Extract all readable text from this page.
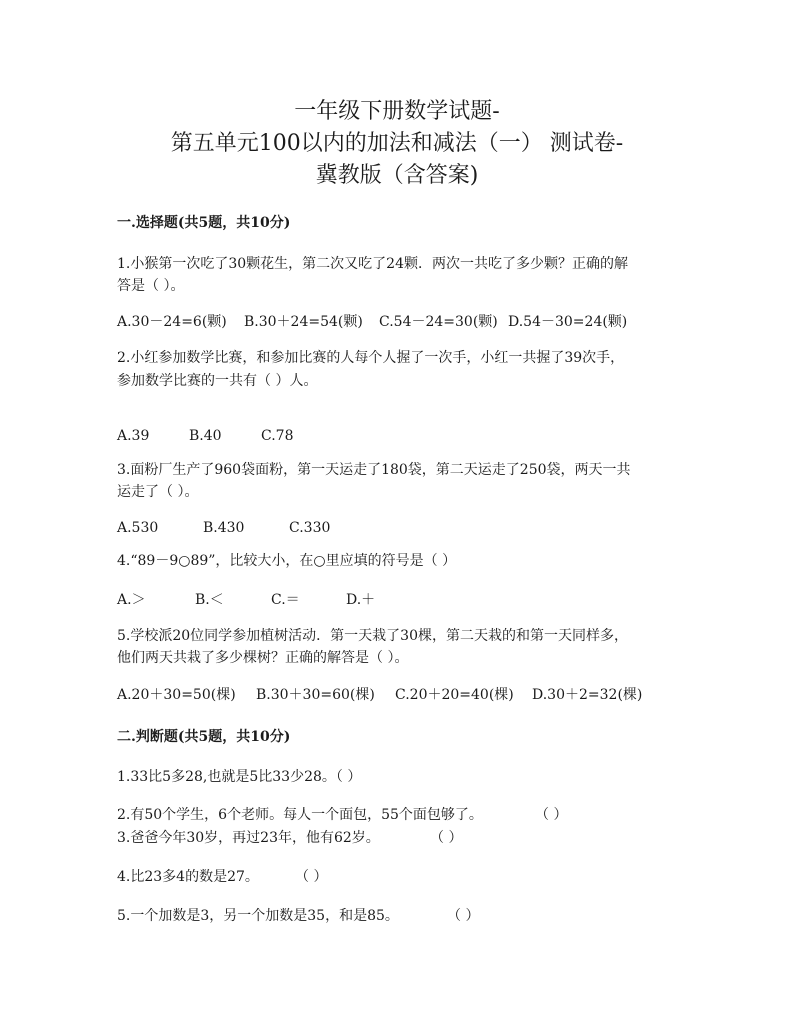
一年级下册数学试题-
第五单元100以内的加法和减法（一） 测试卷-
冀教版（含答案)
一.选择题(共5题，共10分)

1.小猴第一次吃了30颗花生，第二次又吃了24颗．两次一共吃了多少颗？正确的解

答是（ ）。

A.30－24=6(颗) B.30＋24=54(颗) C.54－24=30(颗) D.54－30=24(颗)

2.小红参加数学比赛，和参加比赛的人每个人握了一次手，小红一共握了39次手，

参加数学比赛的一共有（ ）人。

A.39	B.40	C.78

3.面粉厂生产了960袋面粉，第一天运走了180袋，第二天运走了250袋，两天一共

运走了（ ）。

A.530	B.430	C.330

4.“89－9○89”，比较大小，在○里应填的符号是（ ）

A.＞	B.＜	C.＝	D.＋

5.学校派20位同学参加植树活动．第一天栽了30棵，第二天栽的和第一天同样多，

他们两天共栽了多少棵树？正确的解答是（ ）。

A.20＋30=50(棵) B.30＋30=60(棵) C.20＋20=40(棵) D.30＋2=32(棵)
二.判断题(共5题，共10分)

1.33比5多28,也就是5比33少28。（ ）

2.有50个学生，6个老师。每人一个面包，55个面包够了。	（ ）

3.爸爸今年30岁，再过23年，他有62岁。	（ ）

4.比23多4的数是27。	（ ）

5.一个加数是3，另一个加数是35，和是85。	（ ）
